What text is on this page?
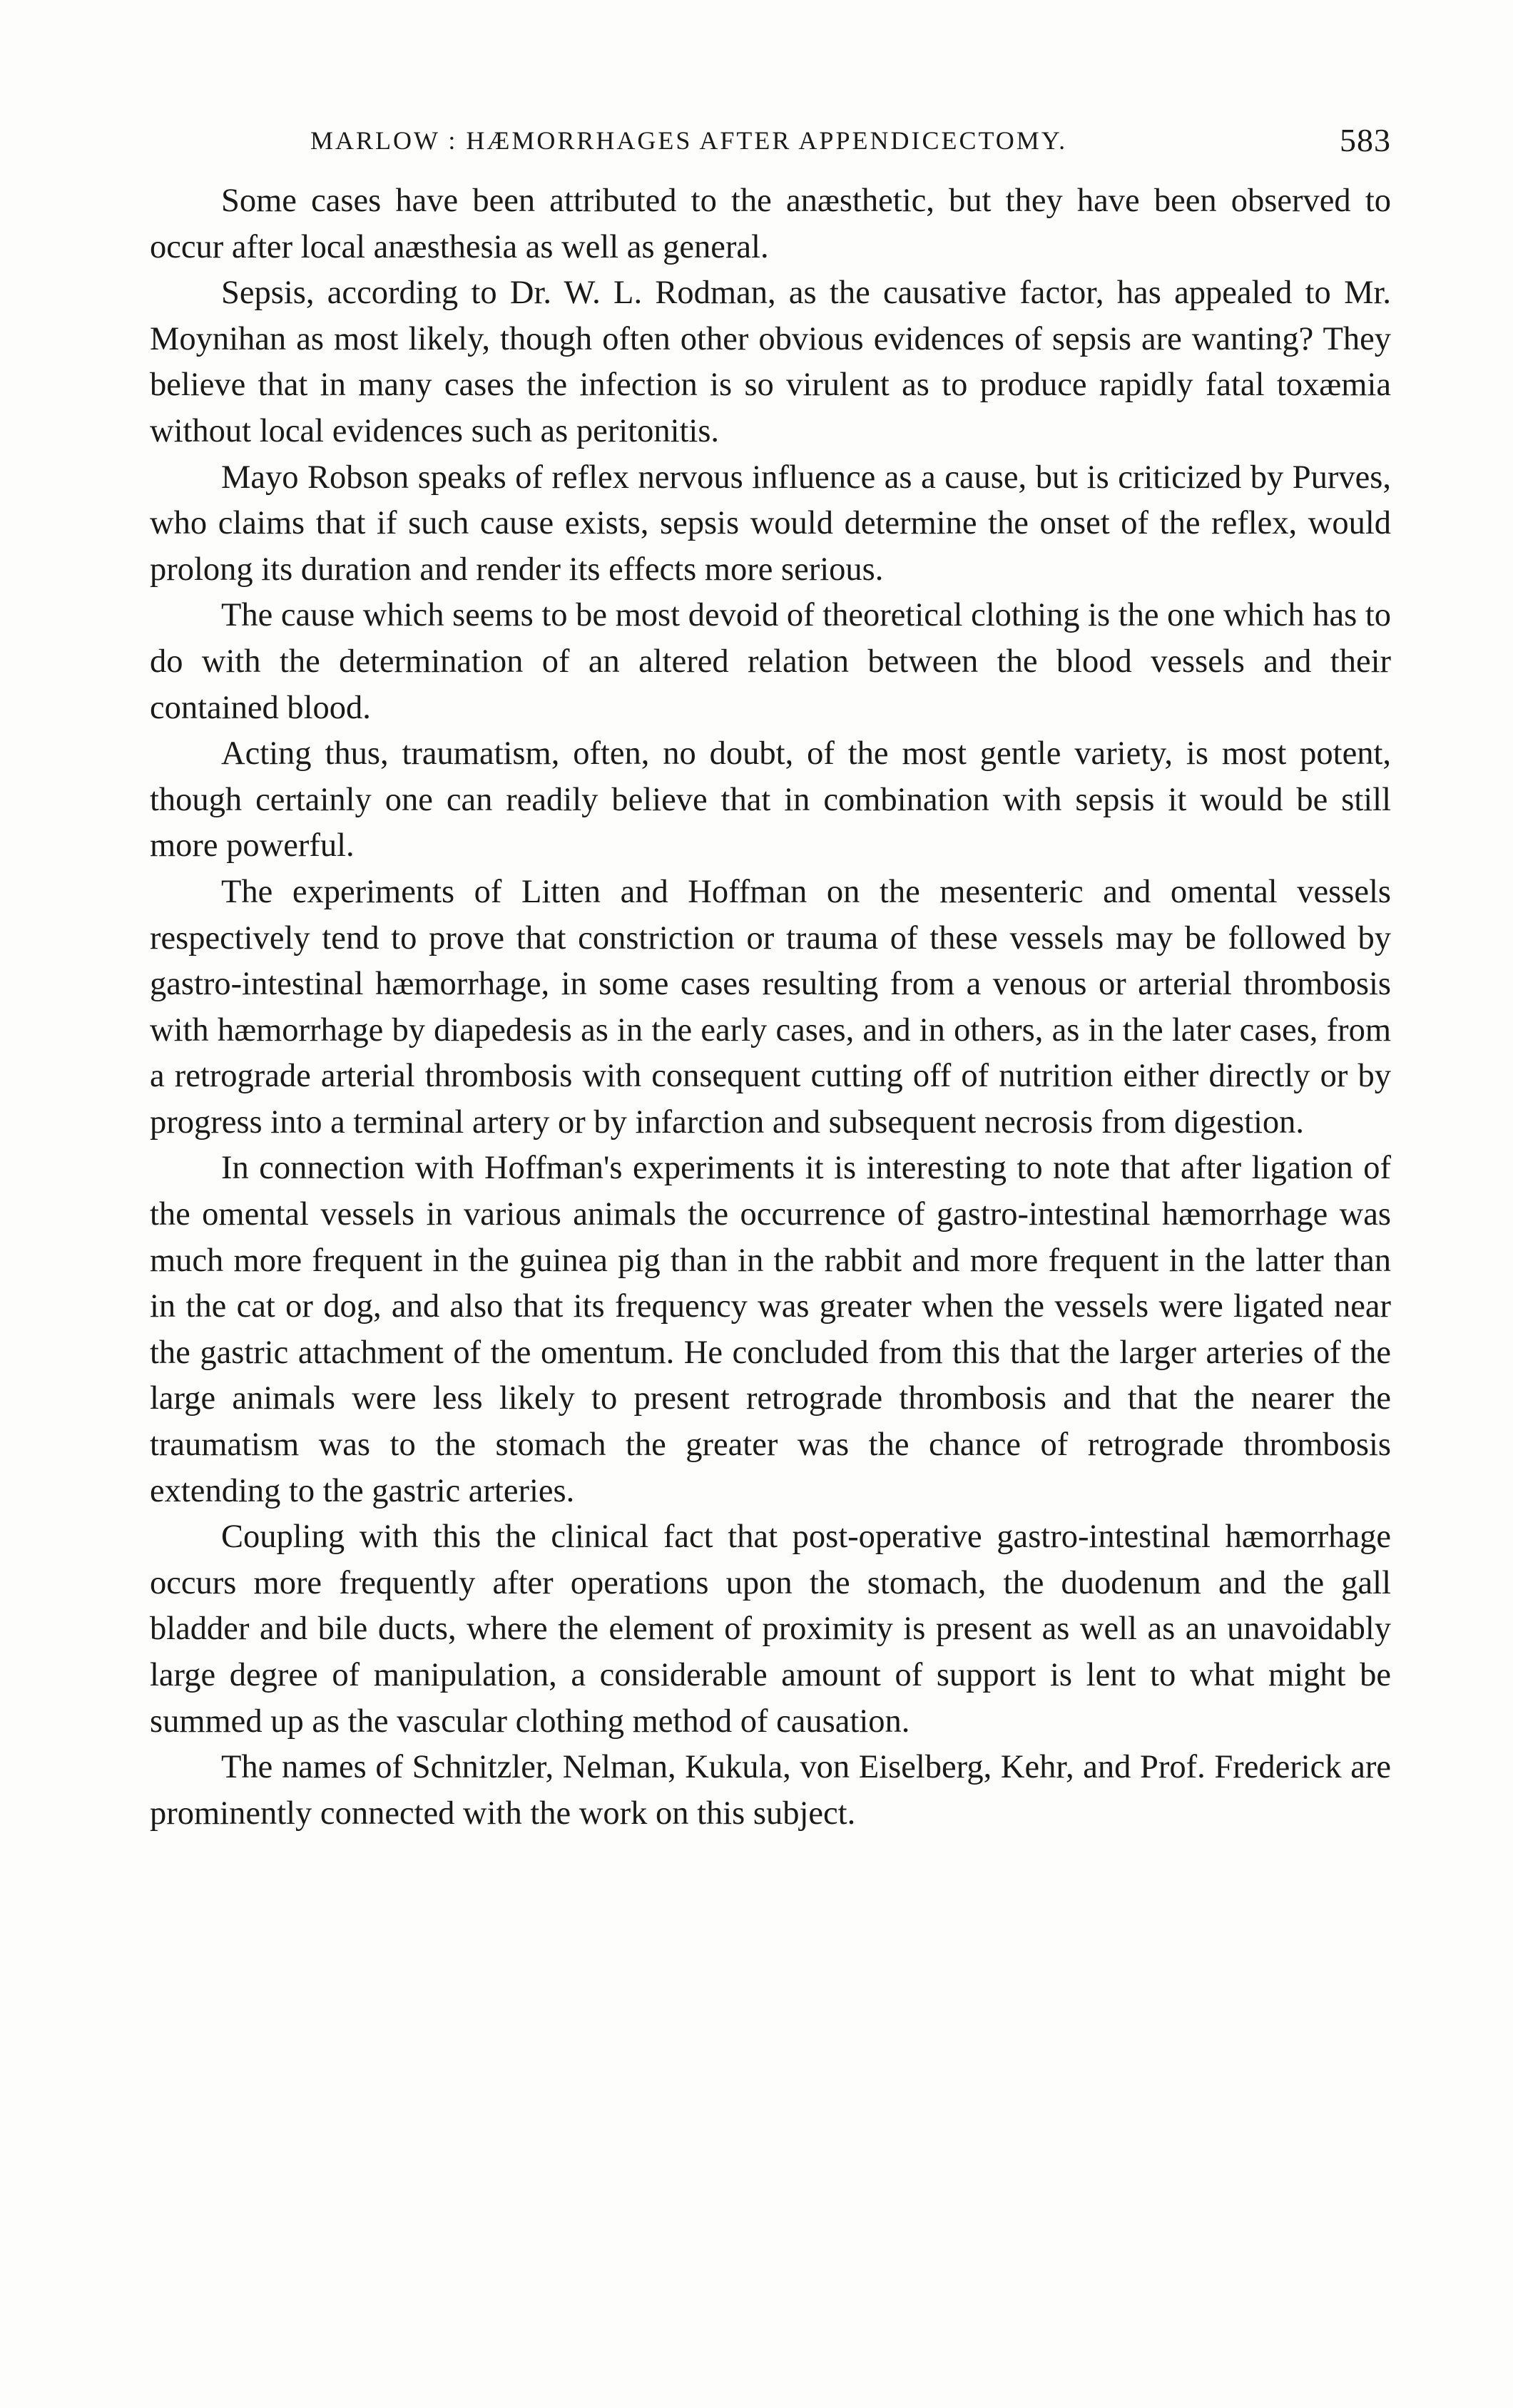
MARLOW : HÆMORRHAGES AFTER APPENDICECTOMY.	583

Some cases have been attributed to the anæsthetic, but they have been observed to occur after local anæsthesia as well as general.

Sepsis, according to Dr. W. L. Rodman, as the causative factor, has appealed to Mr. Moynihan as most likely, though often other obvious evidences of sepsis are wanting? They believe that in many cases the infection is so virulent as to produce rapidly fatal toxæmia without local evidences such as peritonitis.

Mayo Robson speaks of reflex nervous influence as a cause, but is criticized by Purves, who claims that if such cause exists, sepsis would determine the onset of the reflex, would prolong its duration and render its effects more serious.

The cause which seems to be most devoid of theoretical clothing is the one which has to do with the determination of an altered relation between the blood vessels and their contained blood.

Acting thus, traumatism, often, no doubt, of the most gentle variety, is most potent, though certainly one can readily believe that in combination with sepsis it would be still more powerful.

The experiments of Litten and Hoffman on the mesenteric and omental vessels respectively tend to prove that constriction or trauma of these vessels may be followed by gastro-intestinal hæmorrhage, in some cases resulting from a venous or arterial thrombosis with hæmorrhage by diapedesis as in the early cases, and in others, as in the later cases, from a retrograde arterial thrombosis with consequent cutting off of nutrition either directly or by progress into a terminal artery or by infarction and subsequent necrosis from digestion.

In connection with Hoffman's experiments it is interesting to note that after ligation of the omental vessels in various animals the occurrence of gastro-intestinal hæmorrhage was much more frequent in the guinea pig than in the rabbit and more frequent in the latter than in the cat or dog, and also that its frequency was greater when the vessels were ligated near the gastric attachment of the omentum. He concluded from this that the larger arteries of the large animals were less likely to present retrograde thrombosis and that the nearer the traumatism was to the stomach the greater was the chance of retrograde thrombosis extending to the gastric arteries.

Coupling with this the clinical fact that post-operative gastro-intestinal hæmorrhage occurs more frequently after operations upon the stomach, the duodenum and the gall bladder and bile ducts, where the element of proximity is present as well as an unavoidably large degree of manipulation, a considerable amount of support is lent to what might be summed up as the vascular clothing method of causation.

The names of Schnitzler, Nelman, Kukula, von Eiselberg, Kehr, and Prof. Frederick are prominently connected with the work on this subject.
